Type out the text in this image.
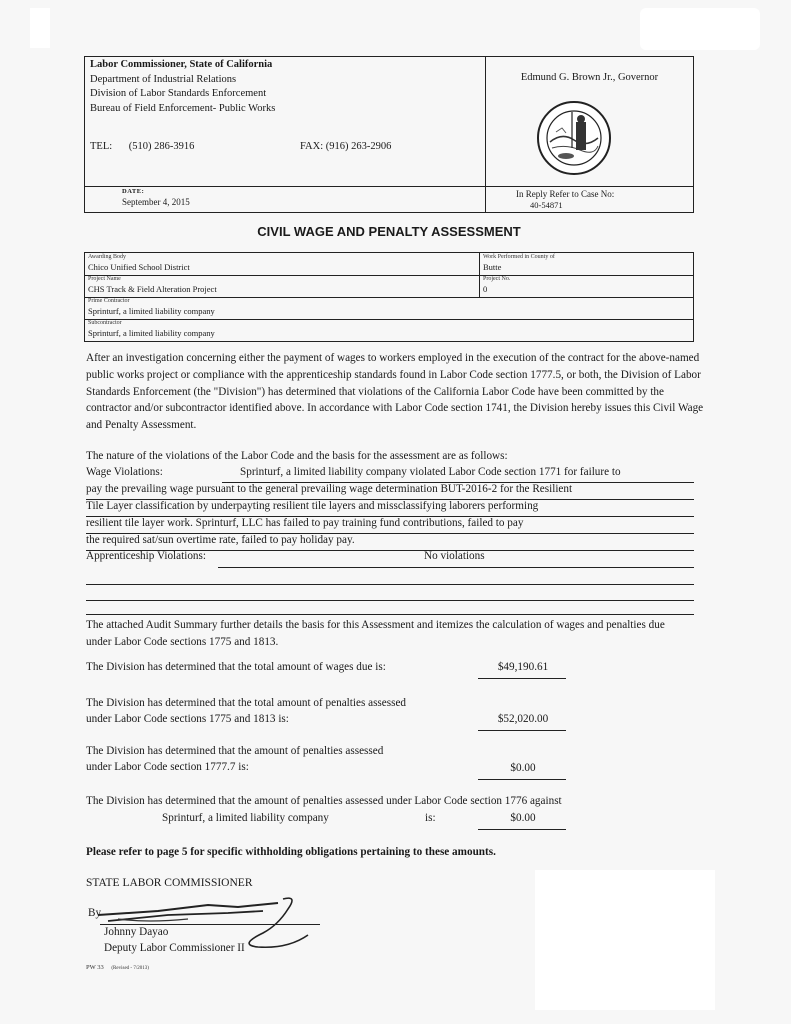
Labor Commissioner, State of California
Department of Industrial Relations
Division of Labor Standards Enforcement
Bureau of Field Enforcement- Public Works
TEL: (510) 286-3916	FAX: (916) 263-2906
DATE:
September 4, 2015
Edmund G. Brown Jr., Governor
In Reply Refer to Case No:
40-54871
CIVIL WAGE AND PENALTY ASSESSMENT
Awarding Body
Chico Unified School District
Work Performed in County of
Butte
Project Name
CHS Track & Field Alteration Project
Project No.
0
Prime Contractor
Sprinturf, a limited liability company
Subcontractor
Sprinturf, a limited liability company
After an investigation concerning either the payment of wages to workers employed in the execution of the contract for the above-named public works project or compliance with the apprenticeship standards found in Labor Code section 1777.5, or both, the Division of Labor Standards Enforcement (the "Division") has determined that violations of the California Labor Code have been committed by the contractor and/or subcontractor identified above. In accordance with Labor Code section 1741, the Division hereby issues this Civil Wage and Penalty Assessment.
The nature of the violations of the Labor Code and the basis for the assessment are as follows:
Wage Violations:	Sprinturf, a limited liability company violated Labor Code section 1771 for failure to
pay the prevailing wage pursuant to the general prevailing wage determination BUT-2016-2 for the Resilient
Tile Layer classification by underpayting resilient tile layers and missclassifying laborers performing
resilient tile layer work. Sprinturf, LLC has failed to pay training fund contributions, failed to pay
the required sat/sun overtime rate, failed to pay holiday pay.
Apprenticeship Violations:	No violations
The attached Audit Summary further details the basis for this Assessment and itemizes the calculation of wages and penalties due under Labor Code sections 1775 and 1813.
The Division has determined that the total amount of wages due is:	$49,190.61
The Division has determined that the total amount of penalties assessed
under Labor Code sections 1775 and 1813 is:	$52,020.00
The Division has determined that the amount of penalties assessed
under Labor Code section 1777.7 is:	$0.00
The Division has determined that the amount of penalties assessed under Labor Code section 1776 against
Sprinturf, a limited liability company	is:	$0.00
Please refer to page 5 for specific withholding obligations pertaining to these amounts.
STATE LABOR COMMISSIONER
By
Johnny Dayao
Deputy Labor Commissioner II
PW 33 (Revised - 7/2013)
